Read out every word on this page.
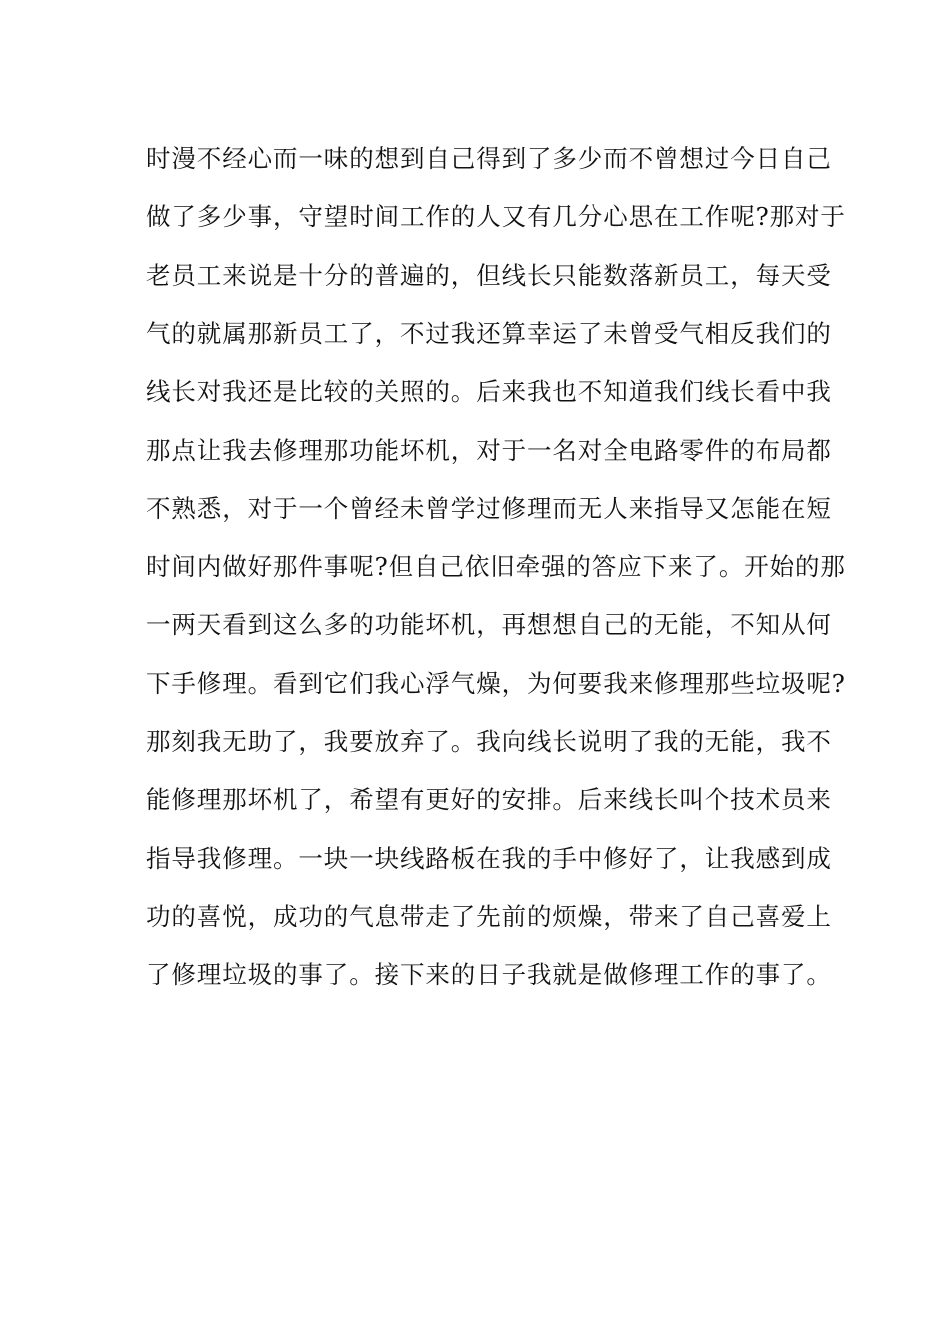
时漫不经心而一味的想到自己得到了多少而不曾想过今日自己
做了多少事，守望时间工作的人又有几分心思在工作呢?那对于
老员工来说是十分的普遍的，但线长只能数落新员工，每天受
气的就属那新员工了，不过我还算幸运了未曾受气相反我们的
线长对我还是比较的关照的。后来我也不知道我们线长看中我
那点让我去修理那功能坏机，对于一名对全电路零件的布局都
不熟悉，对于一个曾经未曾学过修理而无人来指导又怎能在短
时间内做好那件事呢?但自己依旧牵强的答应下来了。开始的那
一两天看到这么多的功能坏机，再想想自己的无能，不知从何
下手修理。看到它们我心浮气燥，为何要我来修理那些垃圾呢?
那刻我无助了，我要放弃了。我向线长说明了我的无能，我不
能修理那坏机了，希望有更好的安排。后来线长叫个技术员来
指导我修理。一块一块线路板在我的手中修好了，让我感到成
功的喜悦，成功的气息带走了先前的烦燥，带来了自己喜爱上
了修理垃圾的事了。接下来的日子我就是做修理工作的事了。
